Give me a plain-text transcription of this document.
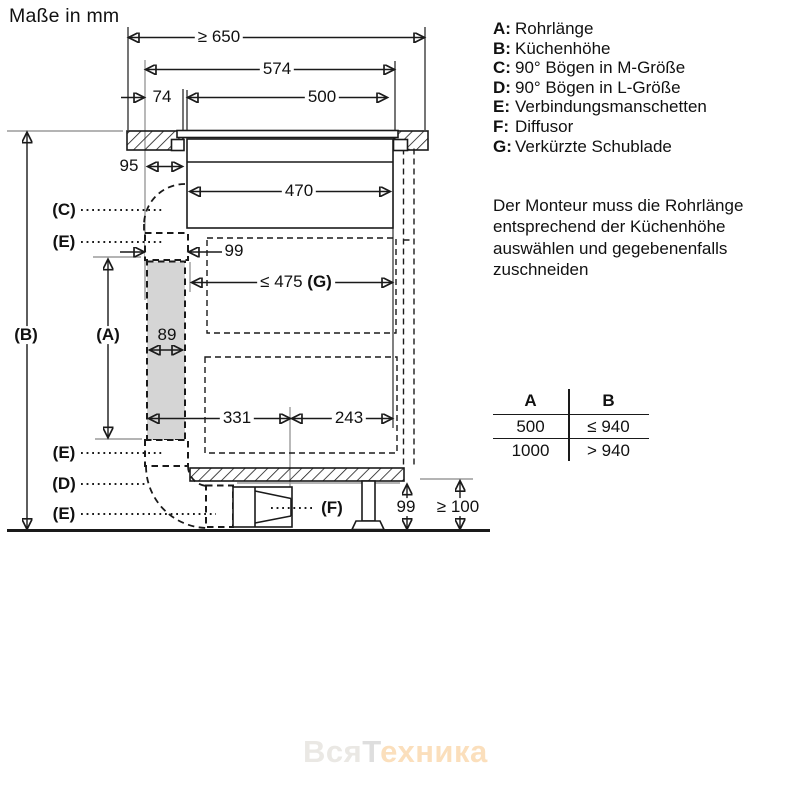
Maße in mm
≥ 650
574
74	500
470
95
99
89
≤ 475 (G)
331	243
99 ≥ 100
(C)
(E)
(B)	(A)
(E)
(D)
(E)	(F)
A: Rohrlänge
B: Küchenhöhe
C: 90° Bögen in M-Größe
D: 90° Bögen in L-Größe
E: Verbindungsmanschetten
F: Diffusor
G: Verkürzte Schublade
Der Monteur muss die Rohrlänge entsprechend der Küchenhöhe auswählen und gegebenenfalls zuschneiden
A	B
500	≤ 940
1000	> 940
ВсяТехника
